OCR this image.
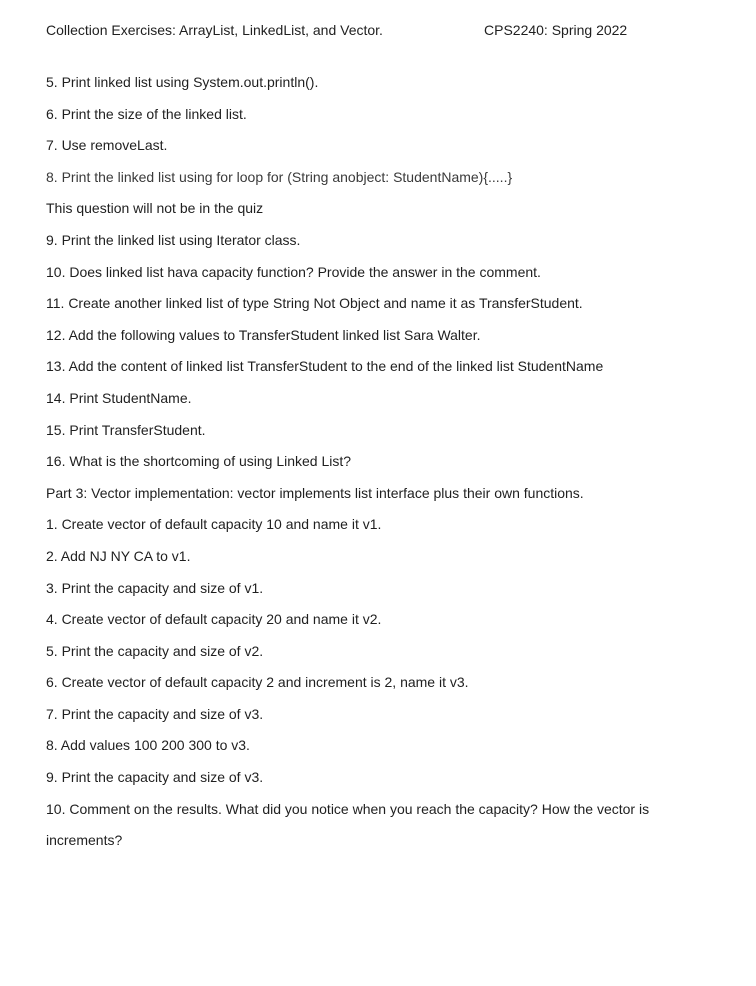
Collection Exercises: ArrayList, LinkedList, and Vector.	CPS2240: Spring 2022
5. Print linked list using System.out.println().
6. Print the size of the linked list.
7. Use removeLast.
8. Print the linked list using for loop for (String anobject: StudentName){.....}
This question will not be in the quiz
9. Print the linked list using Iterator class.
10. Does linked list hava capacity function? Provide the answer in the comment.
11. Create another linked list of type String Not Object and name it as TransferStudent.
12. Add the following values to TransferStudent linked list Sara Walter.
13. Add the content of linked list TransferStudent to the end of the linked list StudentName
14. Print StudentName.
15. Print TransferStudent.
16. What is the shortcoming of using Linked List?
Part 3: Vector implementation: vector implements list interface plus their own functions.
1. Create vector of default capacity 10 and name it v1.
2. Add NJ NY CA to v1.
3. Print the capacity and size of v1.
4. Create vector of default capacity 20 and name it v2.
5. Print the capacity and size of v2.
6. Create vector of default capacity 2 and increment is 2, name it v3.
7. Print the capacity and size of v3.
8. Add values 100 200 300 to v3.
9. Print the capacity and size of v3.
10. Comment on the results. What did you notice when you reach the capacity? How the vector is
increments?
